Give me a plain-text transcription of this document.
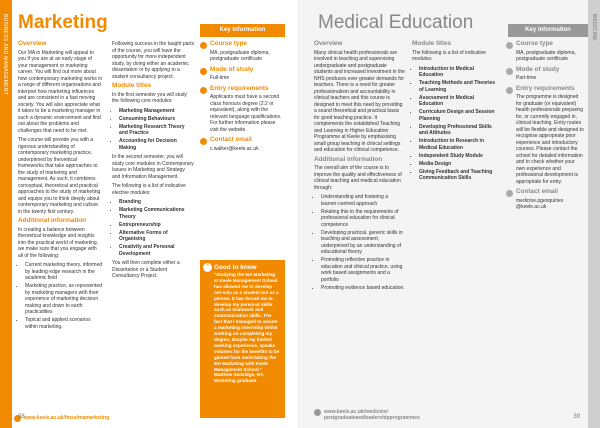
BUSINESS AND MANAGEMENT Marketing	Key information
Overview

Our MA in Marketing will appeal to you if you are at an early stage of your management or marketing career. You will find out more about how contemporary marketing works in a range of different organisations and interpret how marketing influences and are consistent in a fast moving society. You will also appreciate what it takes to be a marketing manager in such a dynamic environment and find out about the problems and challenges that need to be met.

The course will provide you with a rigorous understanding of contemporary marketing practice, underpinned by theoretical frameworks that take approaches to the study of marketing and management. As such, it combines conceptual, theoretical and practical approaches to the study of marketing and equips you to think deeply about contemporary marketing and culture in the twenty first century.

Additional information

In creating a balance between theoretical knowledge and insights into the practical world of marketing, we make sure that you engage with all of the following:

• Current marketing theory, informed by leading edge research in the academic field
• Marketing practice, as represented by marketing managers with their experience of marketing decision making and down to earth practicalities
• Topical and applied scenarios within marketing.

Following success in the taught parts of the course, you will have the opportunity for more independent study, by doing either an academic dissertation or by applying to a student consultancy project.

Module titles

In the first semester you will study the following core modules:

• Marketing Management
• Consuming Behaviours
• Marketing Research Theory and Practice
• Accounting for Decision Making

In the second semester, you will study core modules in Contemporary Issues in Marketing and Strategy and Information Management.

The following is a list of indicative elective modules:

• Branding
• Marketing Communications Theory
• Entrepreneurship
• Alternative Forms of Organising
• Creativity and Personal Development

You will then complete either a Dissertation or a Student Consultancy Project.

Course type
MA, postgraduate diploma, postgraduate certificate
Mode of study
Full-time
Entry requirements
Applicants must have a second class honours degree (2:2 or equivalent), along with the relevant language qualifications. For further information please visit the website.
Contact email
c.walker@keele.ac.uk
“ Good to know
"Studying the MA Marketing at Keele Management School has allowed me to develop not only as a student but as a person. It has forced me to develop my personal skills such as teamwork and communication skills. The fact that I managed to secure a marketing internship whilst working on completing my degree, despite my limited working experience, speaks volumes for the benefits to be gained from undertaking the MA Marketing with Keele Management School." Matthew Sedeldge, MA Marketing graduate
www.keele.ac.uk/fmss/mamarketing
38
MEDICINE
Medical Education	Key information
Overview

Many clinical health professionals are involved in teaching and supervising undergraduate and postgraduate students and increased investment in the NHS produces ever greater demands for teachers. There is a need for greater professionalism and accountability in clinical teachers and this course is designed to meet this need by providing a sound theoretical and practical basis for good teaching practice. It complements the established Teaching and Learning in Higher Education Programme at Keele by emphasising small group teaching in clinical settings and education for clinical competence.

Additional information

The overall aim of the course is to improve the quality and effectiveness of clinical teaching and medical education through:

• Understanding and fostering a learner-centred approach
• Relating this to the requirements of professional education for clinical competence
• Developing practical, generic skills in teaching and assessment, underpinned by an understanding of educational theory
• Promoting reflective practice in education and clinical practice, using work based assignments and a portfolio
• Promoting evidence based education.
Module titles

The following is a list of indicative modules:

• Introduction to Medical Education
• Teaching Methods and Theories of Learning
• Assessment in Medical Education
• Curriculum Design and Session Planning
• Developing Professional Skills and Attitudes
• Introduction to Research in Medical Education
• Independent Study Module
• Media Design
• Giving Feedback and Teaching Communication Skills
Course type
MA, postgraduate diploma, postgraduate certificate
Mode of study
Part-time
Entry requirements
The programme is designed for graduate (or equivalent) health professionals preparing for, or currently engaged in, clinical teaching. Entry routes will be flexible and designed to recognise appropriate prior experience and introductory courses. Please contact the school for detailed information and to check whether your own experience and professional development is appropriate for entry.
Contact email
medicine.pgenquiries @keele.ac.uk
www.keele.ac.uk/medicine/
postgraduateandleadershipprogrammes	39
